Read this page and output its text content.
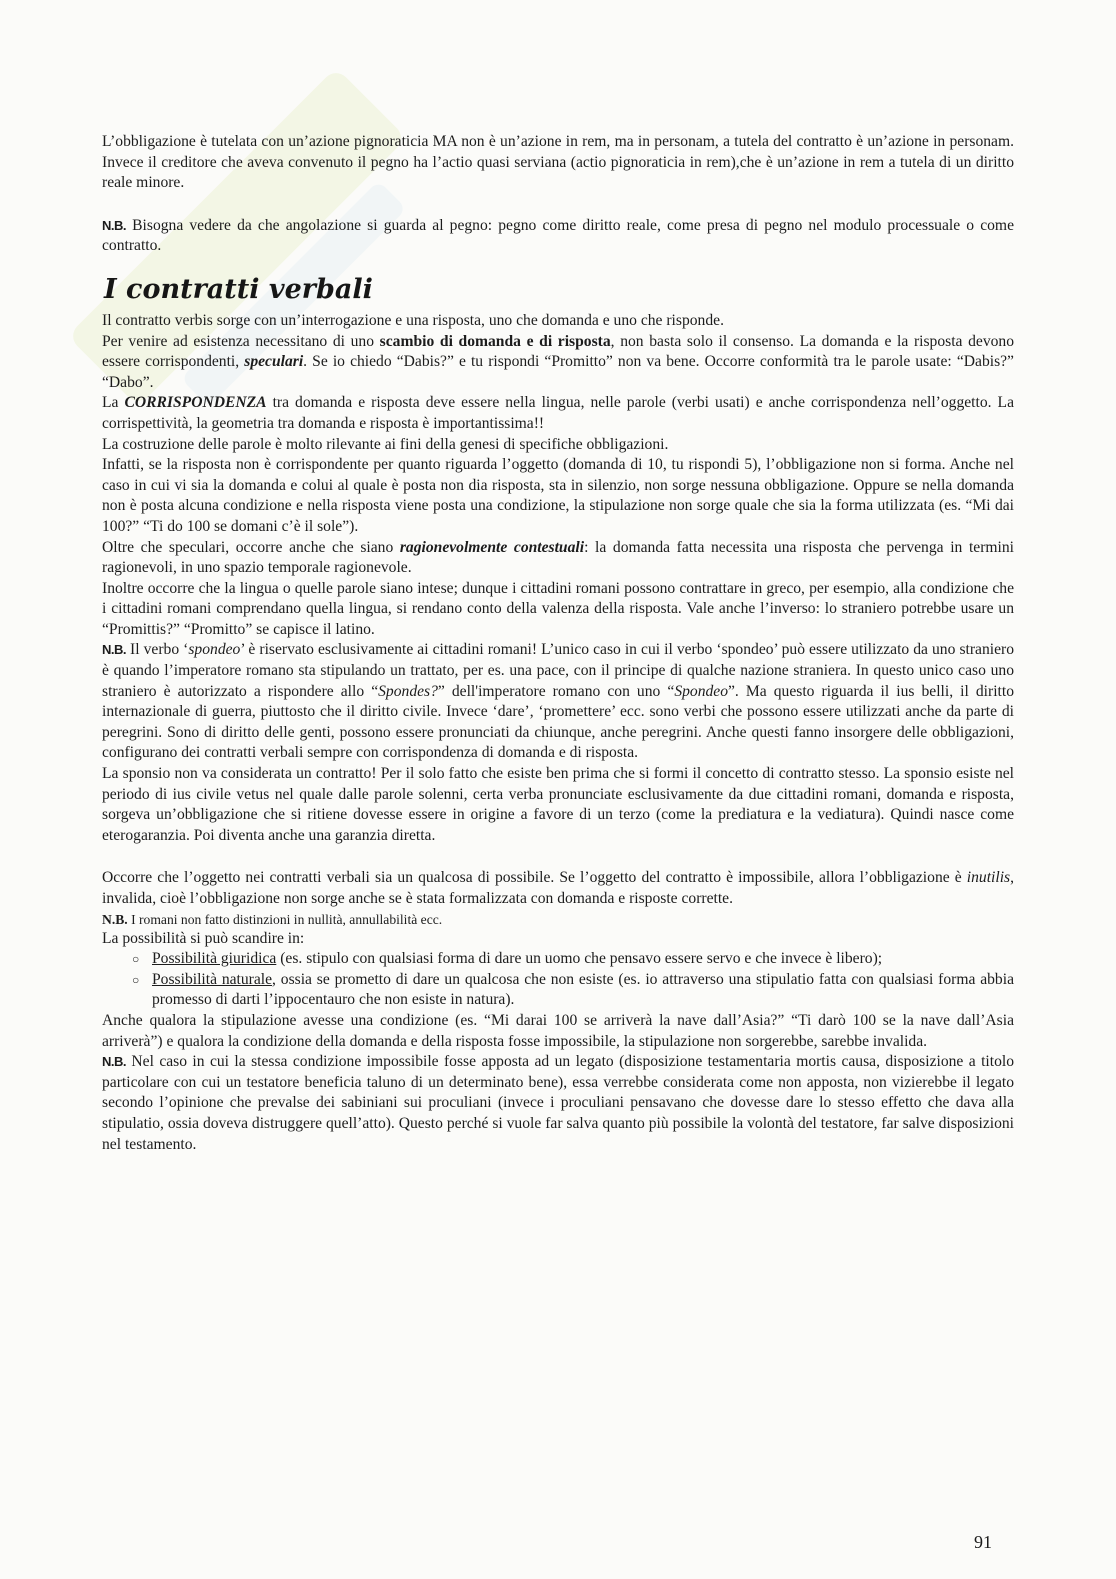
L’obbligazione è tutelata con un’azione pignoraticia MA non è un’azione in rem, ma in personam, a tutela del contratto è un’azione in personam. Invece il creditore che aveva convenuto il pegno ha l’actio quasi serviana (actio pignoraticia in rem),che è un’azione in rem a tutela di un diritto reale minore.

N.B. Bisogna vedere da che angolazione si guarda al pegno: pegno come diritto reale, come presa di pegno nel modulo processuale o come contratto.

I contratti verbali

Il contratto verbis sorge con un’interrogazione e una risposta, uno che domanda e uno che risponde.

Per venire ad esistenza necessitano di uno scambio di domanda e di risposta, non basta solo il consenso. La domanda e la risposta devono essere corrispondenti, speculari. Se io chiedo “Dabis?” e tu rispondi “Promitto” non va bene. Occorre conformità tra le parole usate: “Dabis?” “Dabo”.

La CORRISPONDENZA tra domanda e risposta deve essere nella lingua, nelle parole (verbi usati) e anche corrispondenza nell’oggetto. La corrispettività, la geometria tra domanda e risposta è importantissima!!

La costruzione delle parole è molto rilevante ai fini della genesi di specifiche obbligazioni.

Infatti, se la risposta non è corrispondente per quanto riguarda l’oggetto (domanda di 10, tu rispondi 5), l’obbligazione non si forma. Anche nel caso in cui vi sia la domanda e colui al quale è posta non dia risposta, sta in silenzio, non sorge nessuna obbligazione. Oppure se nella domanda non è posta alcuna condizione e nella risposta viene posta una condizione, la stipulazione non sorge quale che sia la forma utilizzata (es. “Mi dai 100?” “Ti do 100 se domani c’è il sole”).

Oltre che speculari, occorre anche che siano ragionevolmente contestuali: la domanda fatta necessita una risposta che pervenga in termini ragionevoli, in uno spazio temporale ragionevole.

Inoltre occorre che la lingua o quelle parole siano intese; dunque i cittadini romani possono contrattare in greco, per esempio, alla condizione che i cittadini romani comprendano quella lingua, si rendano conto della valenza della risposta. Vale anche l’inverso: lo straniero potrebbe usare un “Promittis?” “Promitto” se capisce il latino.

N.B. Il verbo ‘spondeo’ è riservato esclusivamente ai cittadini romani! L’unico caso in cui il verbo ‘spondeo’ può essere utilizzato da uno straniero è quando l’imperatore romano sta stipulando un trattato, per es. una pace, con il principe di qualche nazione straniera. In questo unico caso uno straniero è autorizzato a rispondere allo “Spondes?” dell'imperatore romano con uno “Spondeo”. Ma questo riguarda il ius belli, il diritto internazionale di guerra, piuttosto che il diritto civile. Invece ‘dare’, ‘promettere’ ecc. sono verbi che possono essere utilizzati anche da parte di peregrini. Sono di diritto delle genti, possono essere pronunciati da chiunque, anche peregrini. Anche questi fanno insorgere delle obbligazioni, configurano dei contratti verbali sempre con corrispondenza di domanda e di risposta.

La sponsio non va considerata un contratto! Per il solo fatto che esiste ben prima che si formi il concetto di contratto stesso. La sponsio esiste nel periodo di ius civile vetus nel quale dalle parole solenni, certa verba pronunciate esclusivamente da due cittadini romani, domanda e risposta, sorgeva un’obbligazione che si ritiene dovesse essere in origine a favore di un terzo (come la prediatura e la vediatura). Quindi nasce come eterogaranzia. Poi diventa anche una garanzia diretta.

Occorre che l’oggetto nei contratti verbali sia un qualcosa di possibile. Se l’oggetto del contratto è impossibile, allora l’obbligazione è inutilis, invalida, cioè l’obbligazione non sorge anche se è stata formalizzata con domanda e risposte corrette.

N.B. I romani non fatto distinzioni in nullità, annullabilità ecc.

La possibilità si può scandire in:

○ Possibilità giuridica (es. stipulo con qualsiasi forma di dare un uomo che pensavo essere servo e che invece è libero);
○ Possibilità naturale, ossia se prometto di dare un qualcosa che non esiste (es. io attraverso una stipulatio fatta con qualsiasi forma abbia promesso di darti l’ippocentauro che non esiste in natura).

Anche qualora la stipulazione avesse una condizione (es. “Mi darai 100 se arriverà la nave dall’Asia?” “Ti darò 100 se la nave dall’Asia arriverà”) e qualora la condizione della domanda e della risposta fosse impossibile, la stipulazione non sorgerebbe, sarebbe invalida.

N.B. Nel caso in cui la stessa condizione impossibile fosse apposta ad un legato (disposizione testamentaria mortis causa, disposizione a titolo particolare con cui un testatore beneficia taluno di un determinato bene), essa verrebbe considerata come non apposta, non vizierebbe il legato secondo l’opinione che prevalse dei sabiniani sui proculiani (invece i proculiani pensavano che dovesse dare lo stesso effetto che dava alla stipulatio, ossia doveva distruggere quell’atto). Questo perché si vuole far salva quanto più possibile la volontà del testatore, far salve disposizioni nel testamento.

91
